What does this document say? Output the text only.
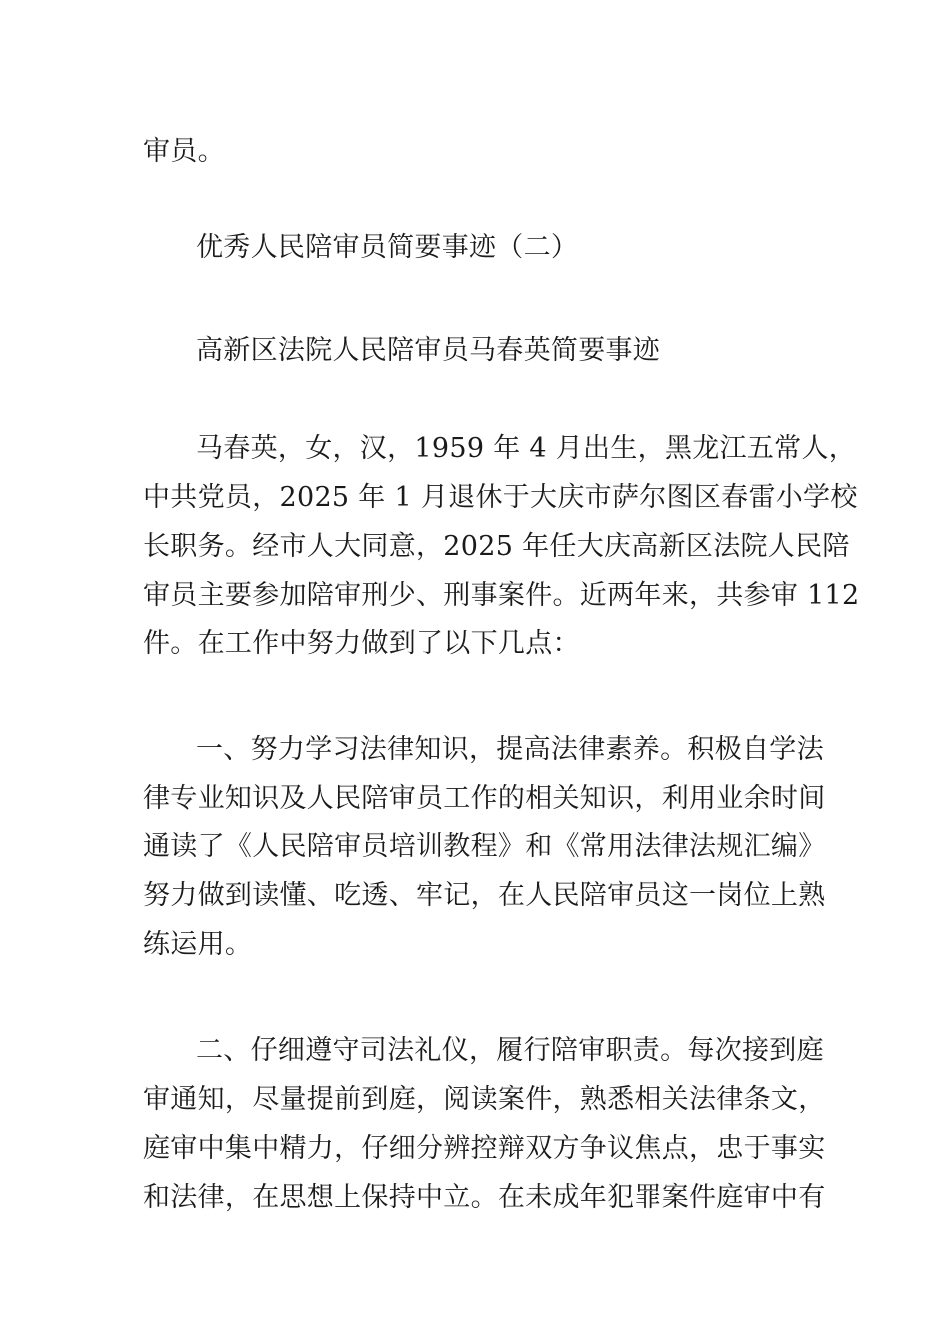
审员。
优秀人民陪审员简要事迹（二）
高新区法院人民陪审员马春英简要事迹
马春英，女，汉，1959 年 4 月出生，黑龙江五常人，
中共党员，2025 年 1 月退休于大庆市萨尔图区春雷小学校
长职务。经市人大同意，2025 年任大庆高新区法院人民陪
审员主要参加陪审刑少、刑事案件。近两年来，共参审 112
件。在工作中努力做到了以下几点：
一、努力学习法律知识，提高法律素养。积极自学法
律专业知识及人民陪审员工作的相关知识，利用业余时间
通读了《人民陪审员培训教程》和《常用法律法规汇编》
努力做到读懂、吃透、牢记，在人民陪审员这一岗位上熟
练运用。
二、仔细遵守司法礼仪，履行陪审职责。每次接到庭
审通知，尽量提前到庭，阅读案件，熟悉相关法律条文，
庭审中集中精力，仔细分辨控辩双方争议焦点，忠于事实
和法律，在思想上保持中立。在未成年犯罪案件庭审中有
